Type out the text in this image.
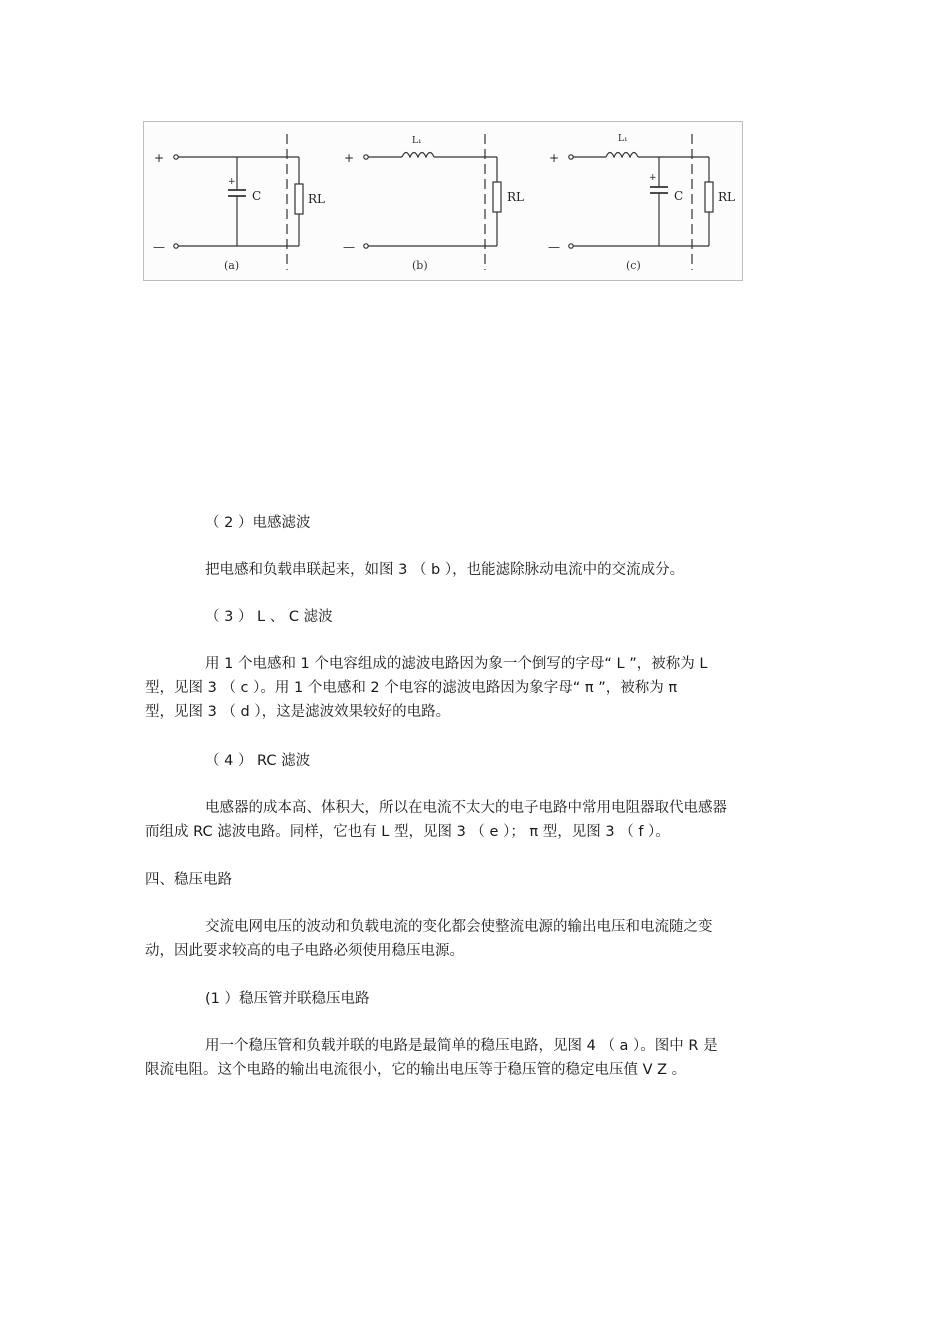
+
—
+
C	RL
(a)
+
—
L₁
RL
(b)
+
—
L₁
+
C	RL
(c)
（ 2 ）电感滤波
把电感和负载串联起来，如图 3 （ b ），也能滤除脉动电流中的交流成分。
（ 3 ） L 、 C 滤波
用 1 个电感和 1 个电容组成的滤波电路因为象一个倒写的字母“ L ”，被称为 L
型，见图 3 （ c ）。用 1 个电感和 2 个电容的滤波电路因为象字母“ π ”，被称为 π
型，见图 3 （ d ），这是滤波效果较好的电路。
（ 4 ） RC 滤波
电感器的成本高、体积大，所以在电流不太大的电子电路中常用电阻器取代电感器
而组成 RC 滤波电路。同样，它也有 L 型，见图 3 （ e ）； π 型，见图 3 （ f ）。
四、稳压电路
交流电网电压的波动和负载电流的变化都会使整流电源的输出电压和电流随之变
动，因此要求较高的电子电路必须使用稳压电源。
(1 ）稳压管并联稳压电路
用一个稳压管和负载并联的电路是最简单的稳压电路，见图 4 （ a ）。图中 R 是
限流电阻。这个电路的输出电流很小，它的输出电压等于稳压管的稳定电压值 V Z 。
